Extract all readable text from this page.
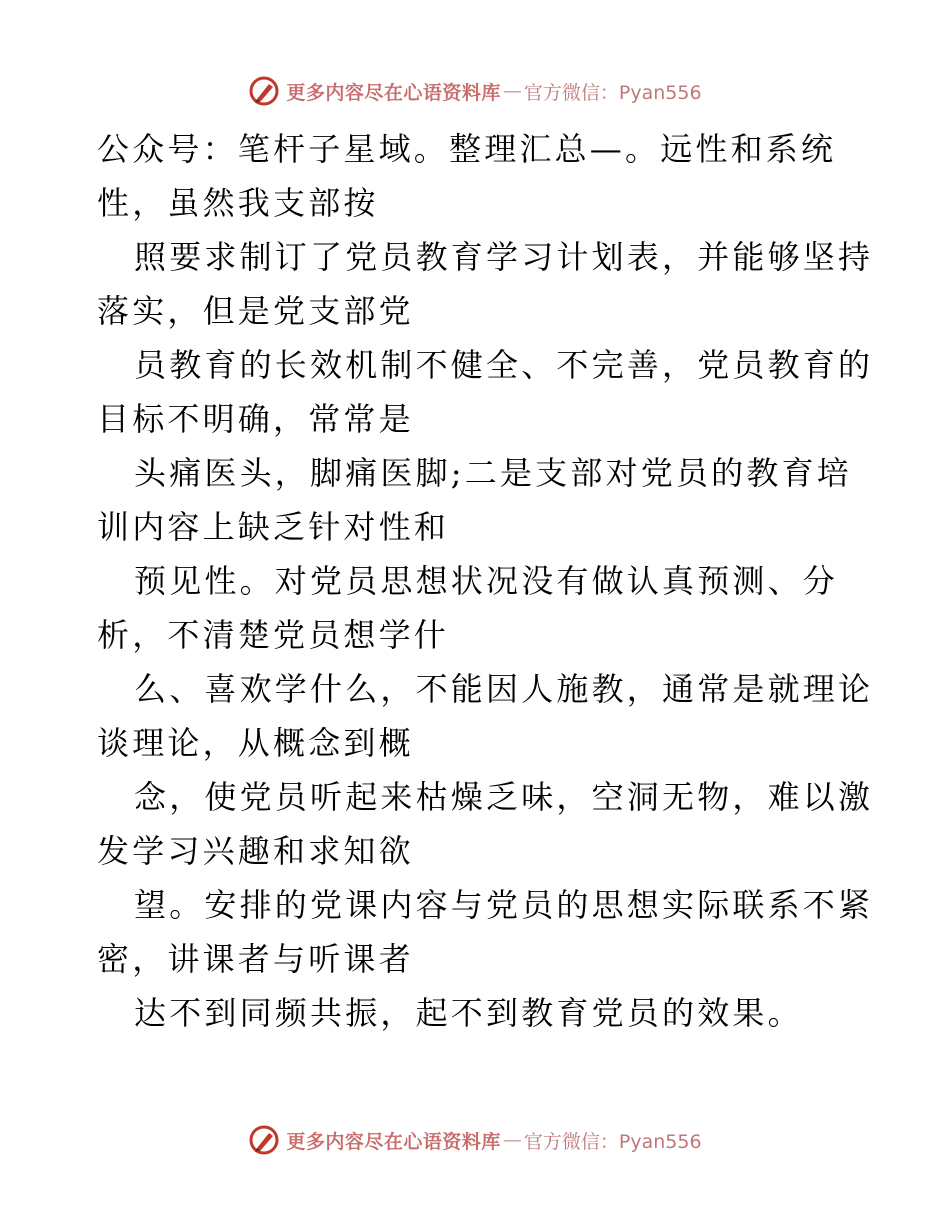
更多内容尽在心语资料库 — 官方微信：Pyan556
公众号：笔杆子星域。整理汇总—。远性和系统
性，虽然我支部按
照要求制订了党员教育学习计划表，并能够坚持
落实，但是党支部党
员教育的长效机制不健全、不完善，党员教育的
目标不明确，常常是
头痛医头，脚痛医脚;二是支部对党员的教育培
训内容上缺乏针对性和
预见性。对党员思想状况没有做认真预测、分
析，不清楚党员想学什
么、喜欢学什么，不能因人施教，通常是就理论
谈理论，从概念到概
念，使党员听起来枯燥乏味，空洞无物，难以激
发学习兴趣和求知欲
望。安排的党课内容与党员的思想实际联系不紧
密，讲课者与听课者
达不到同频共振，起不到教育党员的效果。
更多内容尽在心语资料库 — 官方微信：Pyan556
